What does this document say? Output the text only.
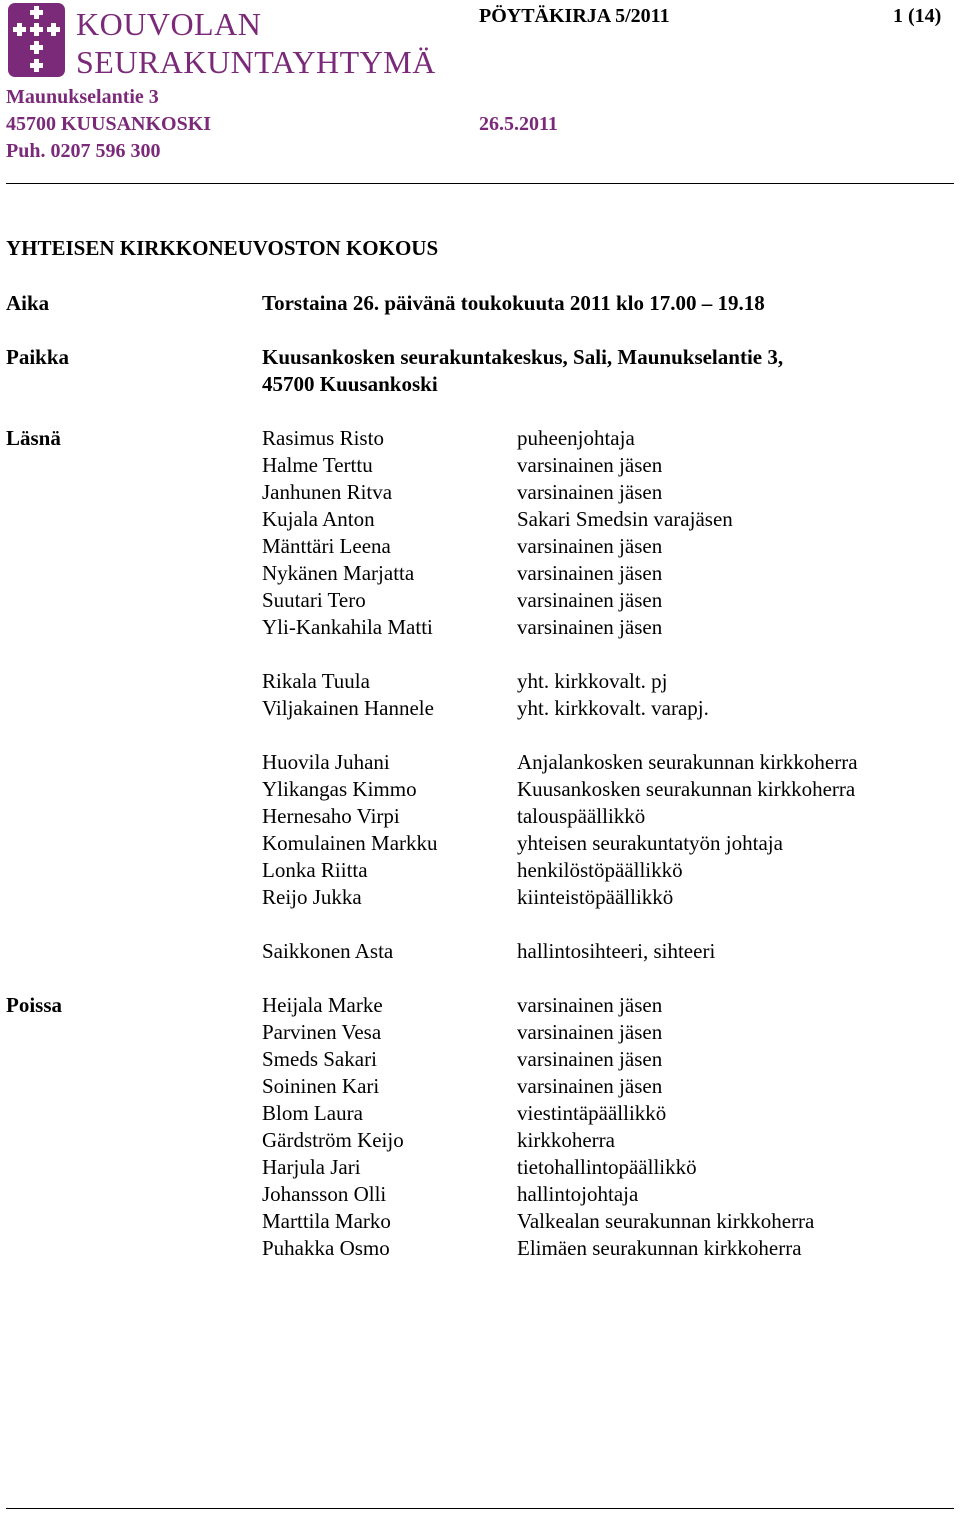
KOUVOLAN
SEURAKUNTAYHTYMÄ
PÖYTÄKIRJA 5/2011	1 (14)
Maunukselantie 3
45700 KUUSANKOSKI
Puh. 0207 596 300
26.5.2011
YHTEISEN KIRKKONEUVOSTON KOKOUS
Aika	Torstaina 26. päivänä toukokuuta 2011 klo 17.00 – 19.18
Paikka	Kuusankosken seurakuntakeskus, Sali, Maunukselantie 3,
45700 Kuusankoski
Läsnä	Rasimus Risto	puheenjohtaja
Halme Terttu	varsinainen jäsen
Janhunen Ritva	varsinainen jäsen
Kujala Anton	Sakari Smedsin varajäsen
Mänttäri Leena	varsinainen jäsen
Nykänen Marjatta	varsinainen jäsen
Suutari Tero	varsinainen jäsen
Yli-Kankahila Matti	varsinainen jäsen
Rikala Tuula	yht. kirkkovalt. pj
Viljakainen Hannele	yht. kirkkovalt. varapj.
Huovila Juhani	Anjalankosken seurakunnan kirkkoherra
Ylikangas Kimmo	Kuusankosken seurakunnan kirkkoherra
Hernesaho Virpi	talouspäällikkö
Komulainen Markku	yhteisen seurakuntatyön johtaja
Lonka Riitta	henkilöstöpäällikkö
Reijo Jukka	kiinteistöpäällikkö
Saikkonen Asta	hallintosihteeri, sihteeri
Poissa	Heijala Marke	varsinainen jäsen
Parvinen Vesa	varsinainen jäsen
Smeds Sakari	varsinainen jäsen
Soininen Kari	varsinainen jäsen
Blom Laura	viestintäpäällikkö
Gärdström Keijo	kirkkoherra
Harjula Jari	tietohallintopäällikkö
Johansson Olli	hallintojohtaja
Marttila Marko	Valkealan seurakunnan kirkkoherra
Puhakka Osmo	Elimäen seurakunnan kirkkoherra
